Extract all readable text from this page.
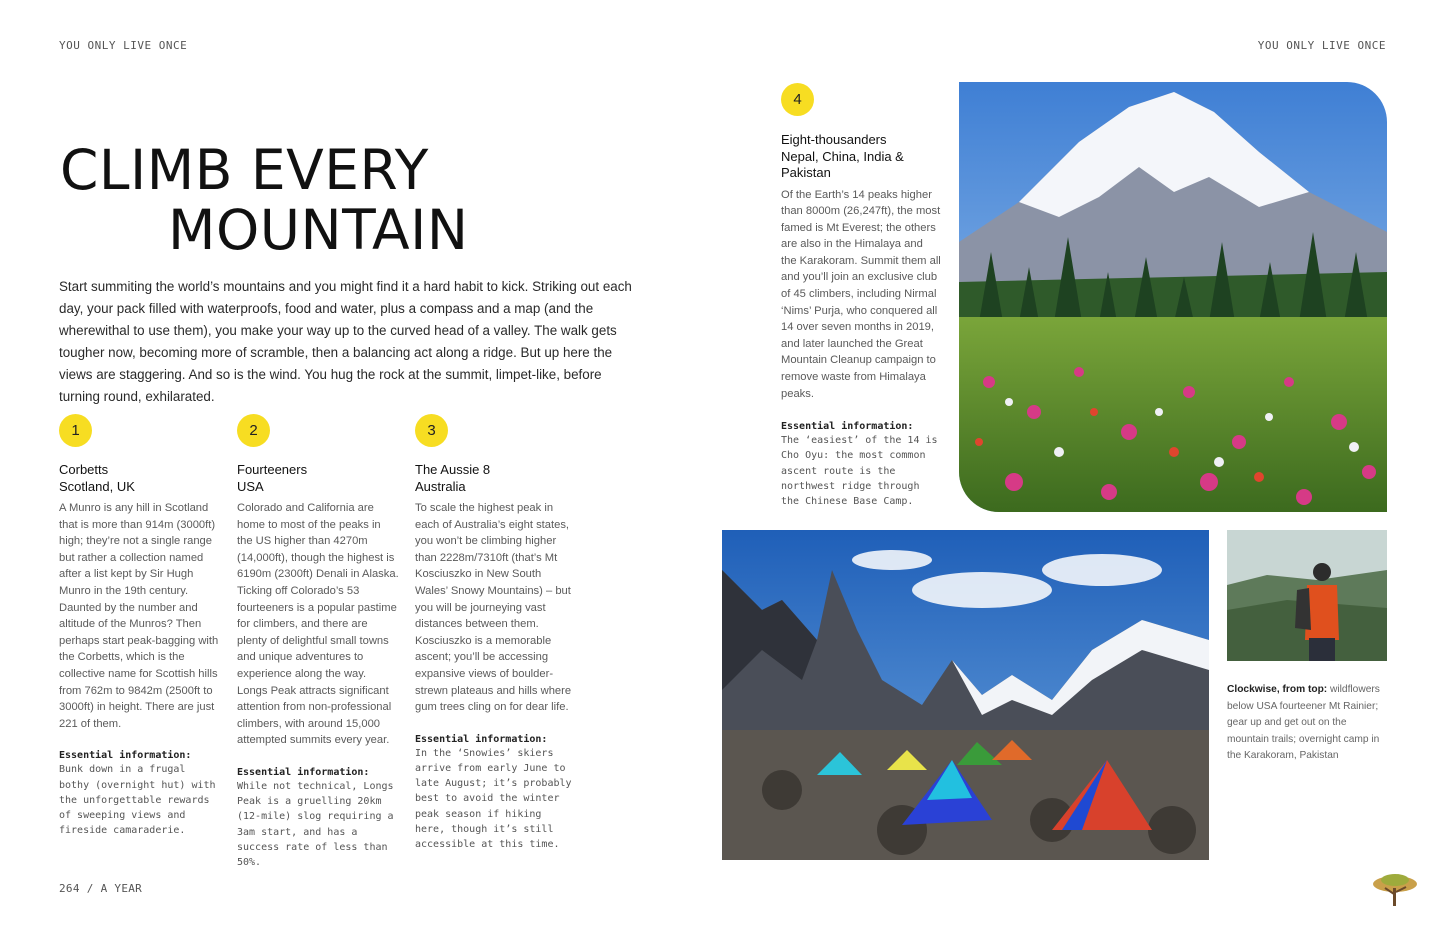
YOU ONLY LIVE ONCE	YOU ONLY LIVE ONCE
CLIMB EVERY
MOUNTAIN

Start summiting the world’s mountains and you might find it a hard habit to kick. Striking out each day, your pack filled with waterproofs, food and water, plus a compass and a map (and the wherewithal to use them), you make your way up to the curved head of a valley. The walk gets tougher now, becoming more of scramble, then a balancing act along a ridge. But up here the views are staggering. And so is the wind. You hug the rock at the summit, limpet-like, before turning round, exhilarated.

1
Corbetts
Scotland, UK

A Munro is any hill in Scotland that is more than 914m (3000ft) high; they’re not a single range but rather a collection named after a list kept by Sir Hugh Munro in the 19th century. Daunted by the number and altitude of the Munros? Then perhaps start peak-bagging with the Corbetts, which is the collective name for Scottish hills from 762m to 9842m (2500ft to 3000ft) in height. There are just 221 of them.

Essential information:
Bunk down in a frugal bothy (overnight hut) with the unforgettable rewards of sweeping views and fireside camaraderie.
2
Fourteeners
USA

Colorado and California are home to most of the peaks in the US higher than 4270m (14,000ft), though the highest is 6190m (2300ft) Denali in Alaska. Ticking off Colorado’s 53 fourteeners is a popular pastime for climbers, and there are plenty of delightful small towns and unique adventures to experience along the way. Longs Peak attracts significant attention from non-professional climbers, with around 15,000 attempted summits every year.

Essential information:
While not technical, Longs Peak is a gruelling 20km (12-mile) slog requiring a 3am start, and has a success rate of less than 50%.
3
The Aussie 8
Australia

To scale the highest peak in each of Australia’s eight states, you won’t be climbing higher than 2228m/7310ft (that’s Mt Kosciuszko in New South Wales’ Snowy Mountains) – but you will be journeying vast distances between them. Kosciuszko is a memorable ascent; you’ll be accessing expansive views of boulder-strewn plateaus and hills where gum trees cling on for dear life.

Essential information:
In the ‘Snowies’ skiers arrive from early June to late August; it’s probably best to avoid the winter peak season if hiking here, though it’s still accessible at this time.
4
Eight-thousanders
Nepal, China, India & Pakistan

Of the Earth’s 14 peaks higher than 8000m (26,247ft), the most famed is Mt Everest; the others are also in the Himalaya and the Karakoram. Summit them all and you’ll join an exclusive club of 45 climbers, including Nirmal ‘Nims’ Purja, who conquered all 14 over seven months in 2019, and later launched the Great Mountain Cleanup campaign to remove waste from Himalaya peaks.

Essential information:
The ‘easiest’ of the 14 is Cho Oyu: the most common ascent route is the northwest ridge through the Chinese Base Camp.
Clockwise, from top: wildflowers below USA fourteener Mt Rainier; gear up and get out on the mountain trails; overnight camp in the Karakoram, Pakistan
264 / A YEAR
